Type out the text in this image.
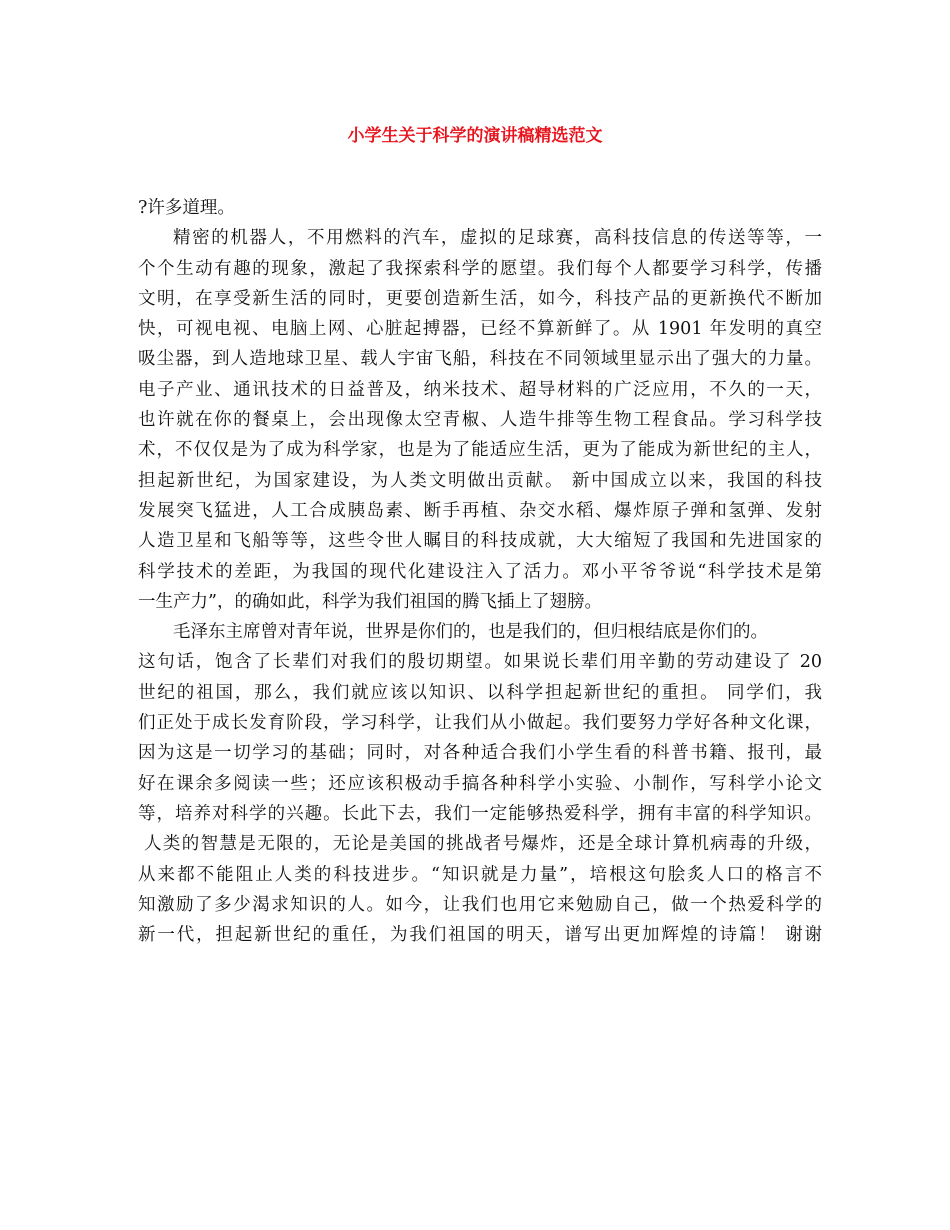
小学生关于科学的演讲稿精选范文
?许多道理。
精密的机器人，不用燃料的汽车，虚拟的足球赛，高科技信息的传送等等，一
个个生动有趣的现象，激起了我探索科学的愿望。我们每个人都要学习科学，传播
文明，在享受新生活的同时，更要创造新生活，如今，科技产品的更新换代不断加
快，可视电视、电脑上网、心脏起搏器，已经不算新鲜了。从 1901 年发明的真空
吸尘器，到人造地球卫星、载人宇宙飞船，科技在不同领域里显示出了强大的力量。
电子产业、通讯技术的日益普及，纳米技术、超导材料的广泛应用，不久的一天，
也许就在你的餐桌上，会出现像太空青椒、人造牛排等生物工程食品。学习科学技
术，不仅仅是为了成为科学家，也是为了能适应生活，更为了能成为新世纪的主人，
担起新世纪，为国家建设，为人类文明做出贡献。 新中国成立以来，我国的科技
发展突飞猛进，人工合成胰岛素、断手再植、杂交水稻、爆炸原子弹和氢弹、发射
人造卫星和飞船等等，这些令世人瞩目的科技成就，大大缩短了我国和先进国家的
科学技术的差距，为我国的现代化建设注入了活力。邓小平爷爷说“科学技术是第
一生产力”，的确如此，科学为我们祖国的腾飞插上了翅膀。
毛泽东主席曾对青年说，世界是你们的，也是我们的，但归根结底是你们的。
这句话，饱含了长辈们对我们的殷切期望。如果说长辈们用辛勤的劳动建设了 20
世纪的祖国，那么，我们就应该以知识、以科学担起新世纪的重担。 同学们，我
们正处于成长发育阶段，学习科学，让我们从小做起。我们要努力学好各种文化课，
因为这是一切学习的基础；同时，对各种适合我们小学生看的科普书籍、报刊，最
好在课余多阅读一些；还应该积极动手搞各种科学小实验、小制作，写科学小论文
等，培养对科学的兴趣。长此下去，我们一定能够热爱科学，拥有丰富的科学知识。
人类的智慧是无限的，无论是美国的挑战者号爆炸，还是全球计算机病毒的升级，
从来都不能阻止人类的科技进步。“知识就是力量”，培根这句脍炙人口的格言不
知激励了多少渴求知识的人。如今，让我们也用它来勉励自己，做一个热爱科学的
新一代，担起新世纪的重任，为我们祖国的明天，谱写出更加辉煌的诗篇！ 谢谢
